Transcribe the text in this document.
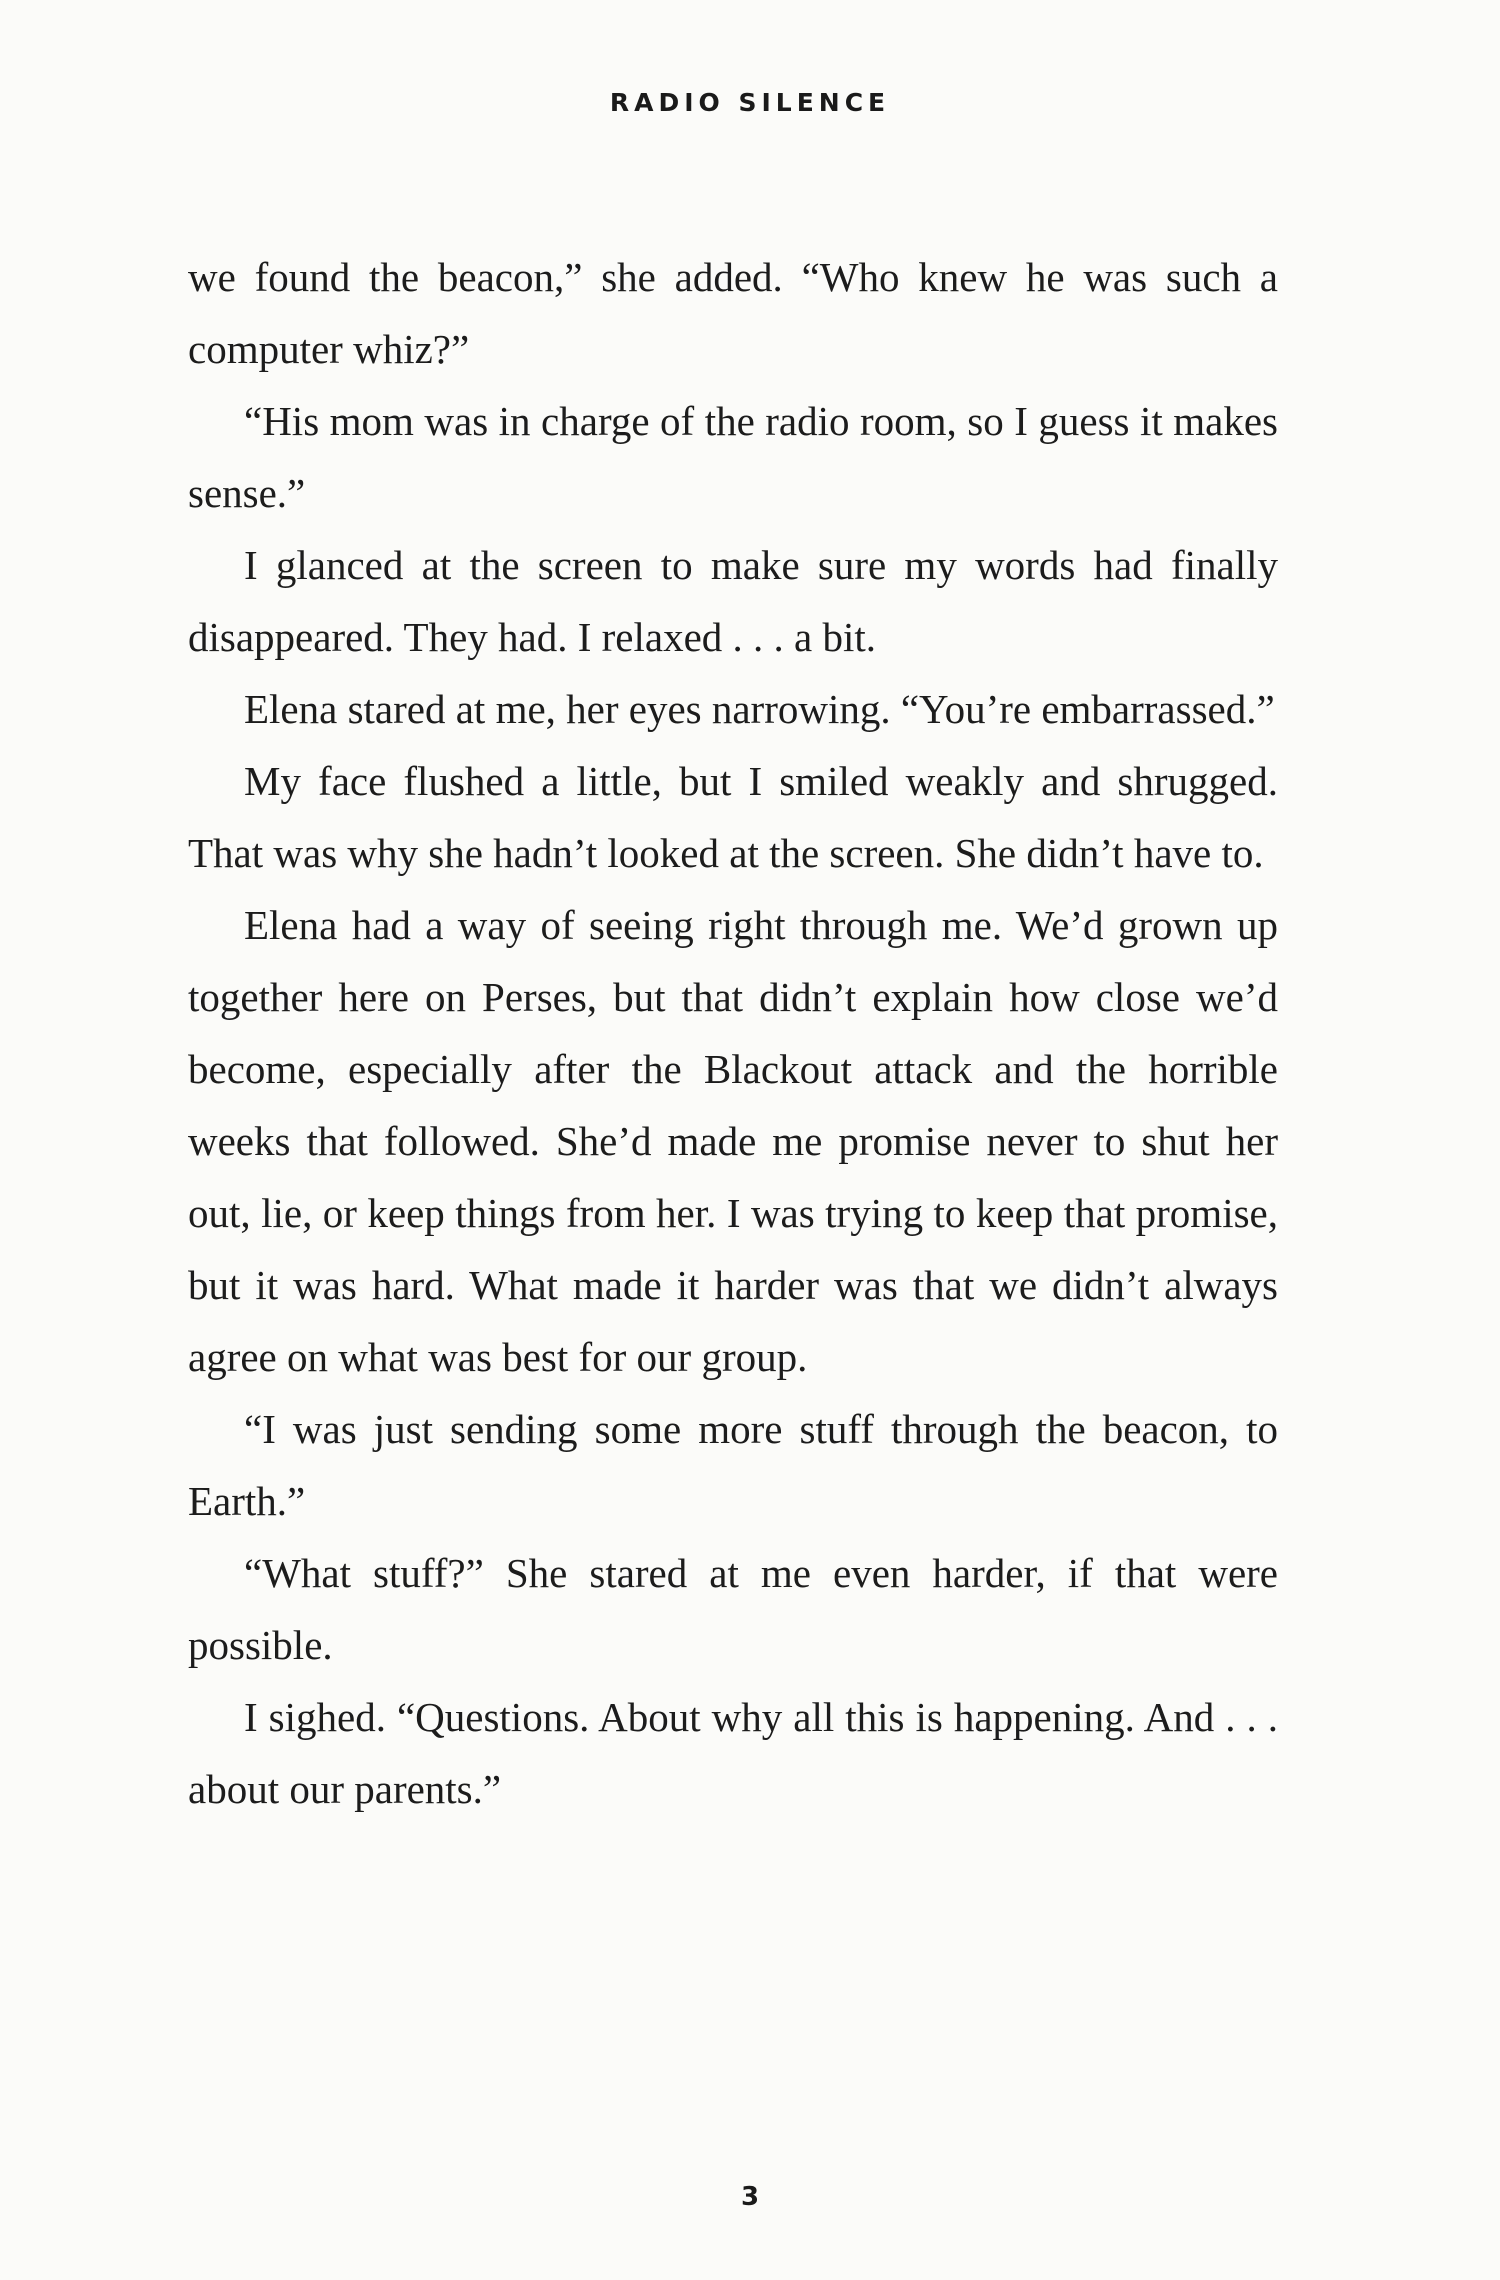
RADIO SILENCE

we found the beacon,” she added. “Who knew he was such a computer whiz?”

“His mom was in charge of the radio room, so I guess it makes sense.”

I glanced at the screen to make sure my words had finally disappeared. They had. I relaxed . . . a bit.

Elena stared at me, her eyes narrowing. “You’re embarrassed.”

My face flushed a little, but I smiled weakly and shrugged. That was why she hadn’t looked at the screen. She didn’t have to.

Elena had a way of seeing right through me. We’d grown up together here on Perses, but that didn’t explain how close we’d become, especially after the Blackout attack and the horrible weeks that followed. She’d made me promise never to shut her out, lie, or keep things from her. I was trying to keep that promise, but it was hard. What made it harder was that we didn’t always agree on what was best for our group.

“I was just sending some more stuff through the beacon, to Earth.”

“What stuff?” She stared at me even harder, if that were possible.

I sighed. “Questions. About why all this is happening. And . . . about our parents.”

3
